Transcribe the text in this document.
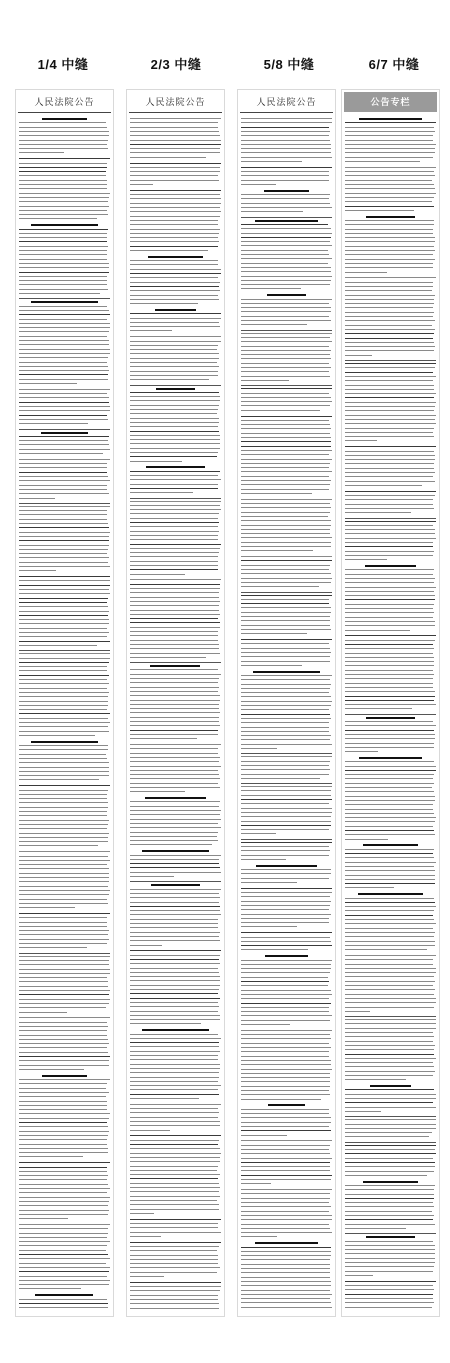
1/4 中缝	2/3 中缝	5/8 中缝	6/7 中缝
人民法院公告	人民法院公告	人民法院公告	公告专栏
